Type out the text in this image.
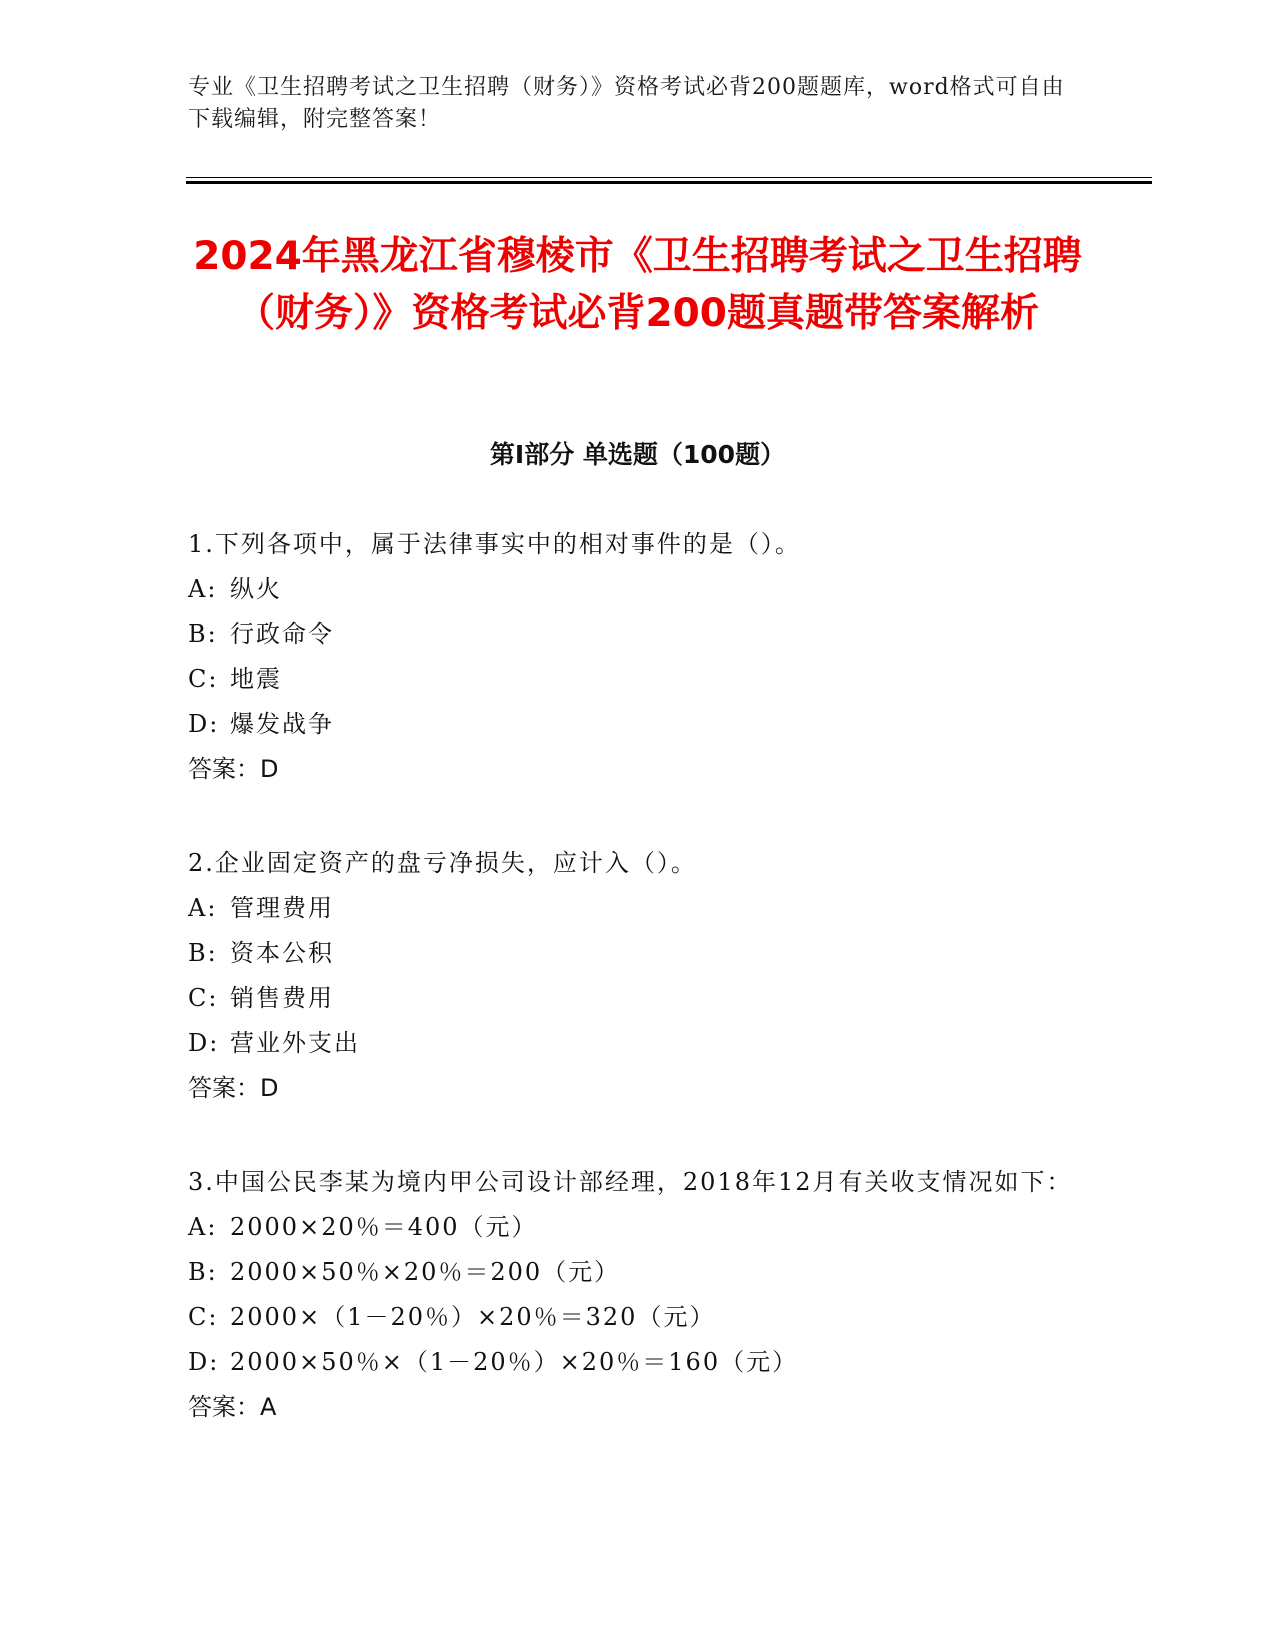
专业《卫生招聘考试之卫生招聘（财务）》资格考试必背200题题库，word格式可自由下载编辑，附完整答案！
2024年黑龙江省穆棱市《卫生招聘考试之卫生招聘（财务）》资格考试必背200题真题带答案解析
第I部分 单选题（100题）

1.下列各项中，属于法律事实中的相对事件的是（）。

A: 纵火

B: 行政命令

C: 地震

D: 爆发战争

答案：D

2.企业固定资产的盘亏净损失，应计入（）。

A: 管理费用

B: 资本公积

C: 销售费用

D: 营业外支出

答案：D

3.中国公民李某为境内甲公司设计部经理，2018年12月有关收支情况如下：

A: 2000×20％＝400（元）

B: 2000×50％×20％＝200（元）

C: 2000×（1－20％）×20％＝320（元）

D: 2000×50％×（1－20％）×20％＝160（元）

答案：A
